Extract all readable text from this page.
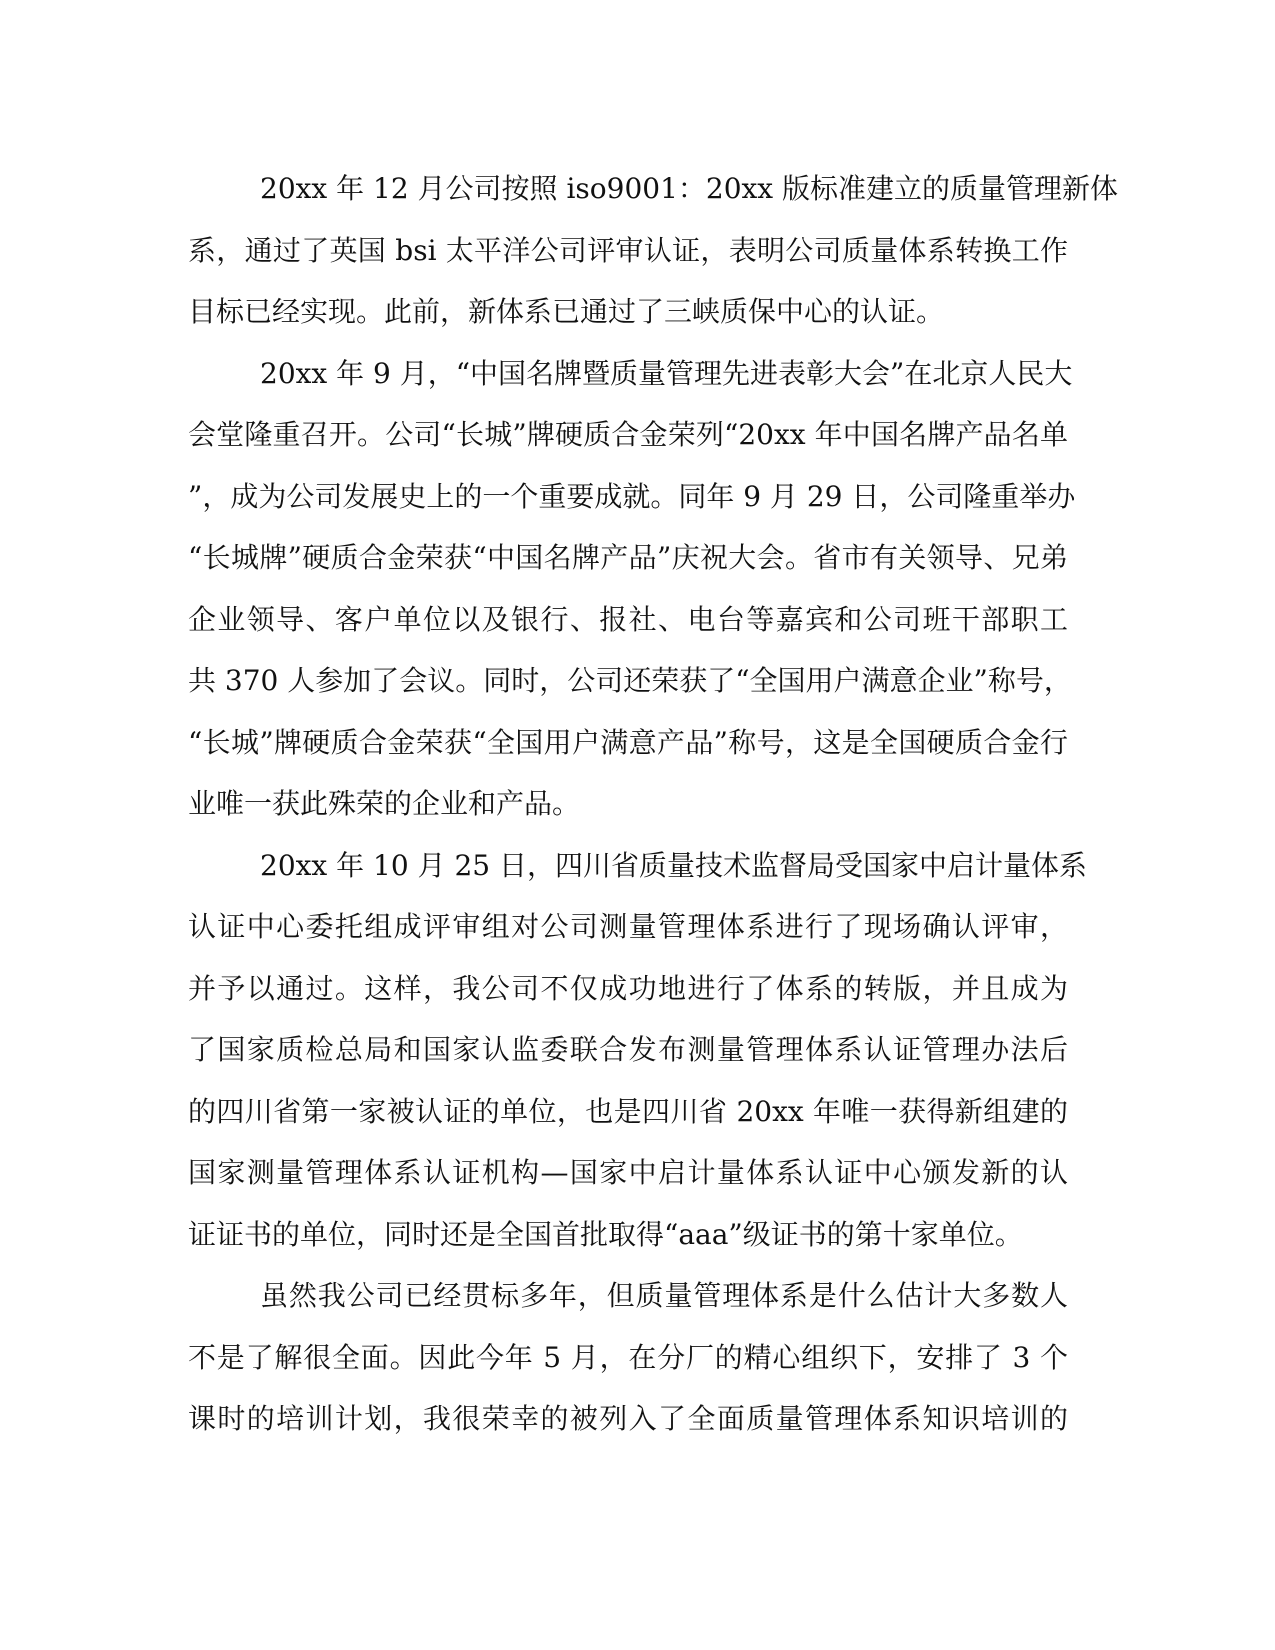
20xx 年 12 月公司按照 iso9001：20xx 版标准建立的质量管理新体
系，通过了英国 bsi 太平洋公司评审认证，表明公司质量体系转换工作
目标已经实现。此前，新体系已通过了三峡质保中心的认证。
20xx 年 9 月，“中国名牌暨质量管理先进表彰大会”在北京人民大
会堂隆重召开。公司“长城”牌硬质合金荣列“20xx 年中国名牌产品名单
”，成为公司发展史上的一个重要成就。同年 9 月 29 日，公司隆重举办
“长城牌”硬质合金荣获“中国名牌产品”庆祝大会。省市有关领导、兄弟
企业领导、客户单位以及银行、报社、电台等嘉宾和公司班干部职工
共 370 人参加了会议。同时，公司还荣获了“全国用户满意企业”称号，
“长城”牌硬质合金荣获“全国用户满意产品”称号，这是全国硬质合金行
业唯一获此殊荣的企业和产品。
20xx 年 10 月 25 日，四川省质量技术监督局受国家中启计量体系
认证中心委托组成评审组对公司测量管理体系进行了现场确认评审，
并予以通过。这样，我公司不仅成功地进行了体系的转版，并且成为
了国家质检总局和国家认监委联合发布测量管理体系认证管理办法后
的四川省第一家被认证的单位，也是四川省 20xx 年唯一获得新组建的
国家测量管理体系认证机构—国家中启计量体系认证中心颁发新的认
证证书的单位，同时还是全国首批取得“aaa”级证书的第十家单位。
虽然我公司已经贯标多年，但质量管理体系是什么估计大多数人
不是了解很全面。因此今年 5 月，在分厂的精心组织下，安排了 3 个
课时的培训计划，我很荣幸的被列入了全面质量管理体系知识培训的
